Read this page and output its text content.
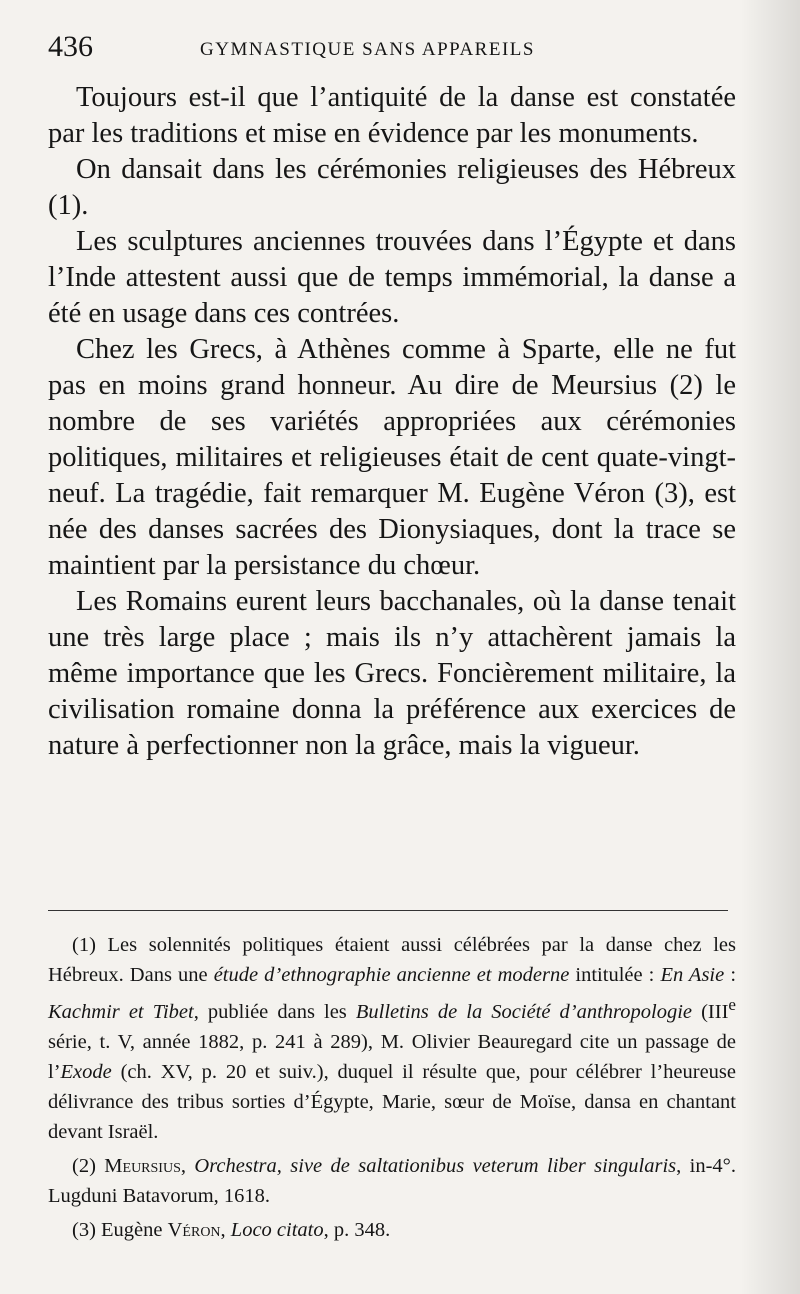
436	GYMNASTIQUE SANS APPAREILS

Toujours est-il que l’antiquité de la danse est constatée par les traditions et mise en évidence par les monuments.

On dansait dans les cérémonies religieuses des Hébreux (1).

Les sculptures anciennes trouvées dans l’Égypte et dans l’Inde attestent aussi que de temps immémorial, la danse a été en usage dans ces contrées.

Chez les Grecs, à Athènes comme à Sparte, elle ne fut pas en moins grand honneur. Au dire de Meursius (2) le nombre de ses variétés appropriées aux cérémonies politiques, militaires et religieuses était de cent quate-vingt-neuf. La tragédie, fait remarquer M. Eugène Véron (3), est née des danses sacrées des Dionysiaques, dont la trace se maintient par la persistance du chœur.

Les Romains eurent leurs bacchanales, où la danse tenait une très large place ; mais ils n’y attachèrent jamais la même importance que les Grecs. Foncièrement militaire, la civilisation romaine donna la préférence aux exercices de nature à perfectionner non la grâce, mais la vigueur.

(1) Les solennités politiques étaient aussi célébrées par la danse chez les Hébreux. Dans une étude d’ethnographie ancienne et moderne intitulée : En Asie : Kachmir et Tibet, publiée dans les Bulletins de la Société d’anthropologie (IIIe série, t. V, année 1882, p. 241 à 289), M. Olivier Beauregard cite un passage de l’Exode (ch. XV, p. 20 et suiv.), duquel il résulte que, pour célébrer l’heureuse délivrance des tribus sorties d’Égypte, Marie, sœur de Moïse, dansa en chantant devant Israël.

(2) Meursius, Orchestra, sive de saltationibus veterum liber singularis, in-4°. Lugduni Batavorum, 1618.

(3) Eugène Véron, Loco citato, p. 348.
